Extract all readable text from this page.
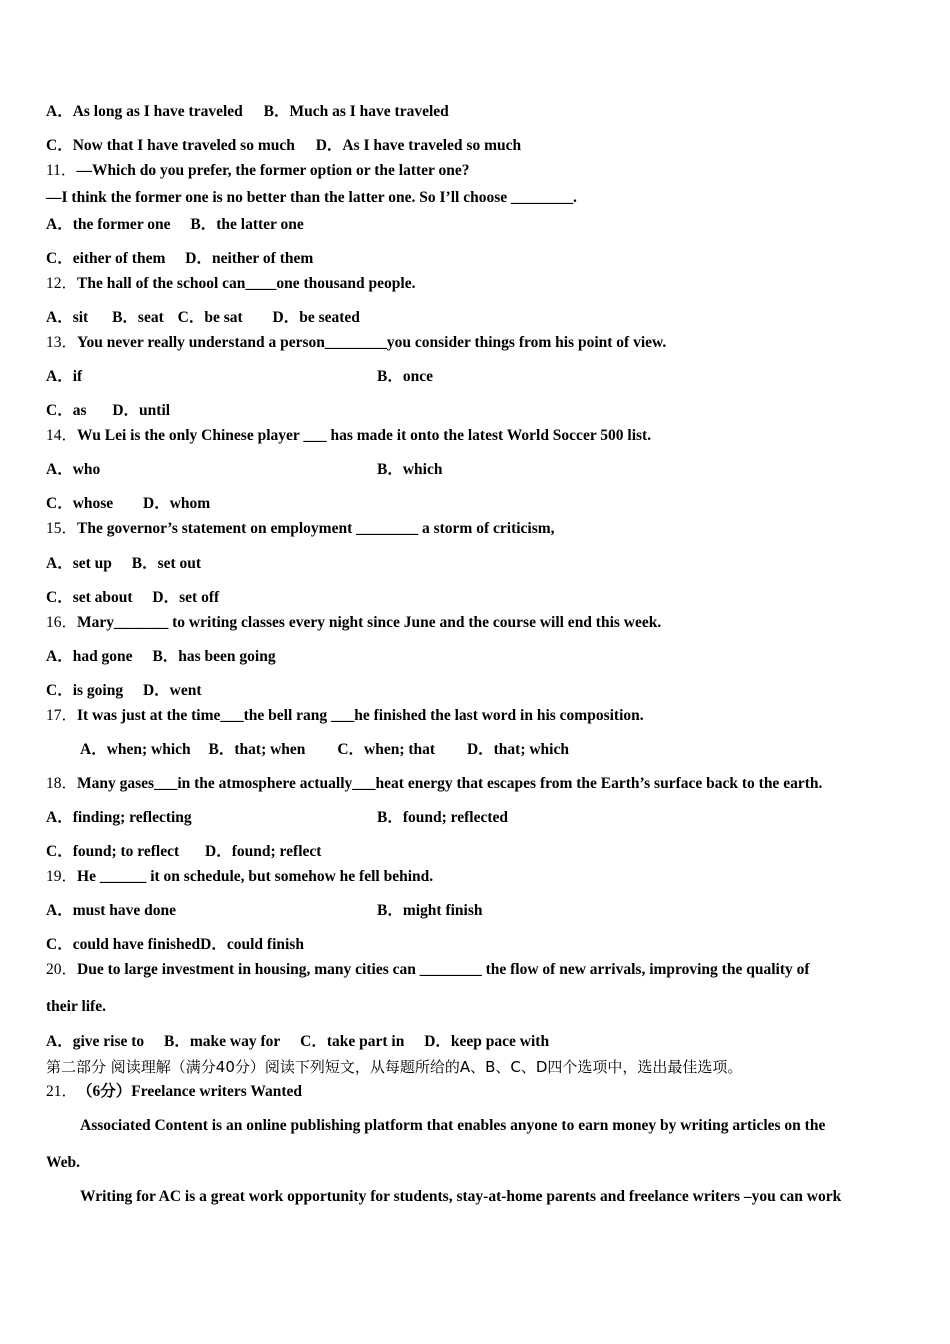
A．As long as I have traveled B．Much as I have traveled
C．Now that I have traveled so much D．As I have traveled so much
11．—Which do you prefer, the former option or the latter one?
—I think the former one is no better than the latter one. So I’ll choose ________.
A．the former one B．the latter one
C．either of them D．neither of them
12．The hall of the school can____one thousand people.
A．sit B．seat C．be sat D．be seated
13．You never really understand a person________you consider things from his point of view.
A．if	B．once
C．as D．until
14．Wu Lei is the only Chinese player ___ has made it onto the latest World Soccer 500 list.
A．who	B．which
C．whose D．whom
15．The governor’s statement on employment ________ a storm of criticism,
A．set up B．set out
C．set about D．set off
16．Mary_______ to writing classes every night since June and the course will end this week.
A．had gone B．has been going
C．is going D．went
17．It was just at the time___the bell rang ___he finished the last word in his composition.
A．when; which B．that; when C．when; that D．that; which
18．Many gases___in the atmosphere actually___heat energy that escapes from the Earth’s surface back to the earth.
A．finding; reflecting	B．found; reflected
C．found; to reflect D．found; reflect
19．He ______ it on schedule, but somehow he fell behind.
A．must have done	B．might finish
C．could have finishedD．could finish
20．Due to large investment in housing, many cities can ________ the flow of new arrivals, improving the quality of
their life.
A．give rise to B．make way for C．take part in D．keep pace with
第二部分 阅读理解（满分40分）阅读下列短文，从每题所给的A、B、C、D四个选项中，选出最佳选项。
21．（6分）Freelance writers Wanted
Associated Content is an online publishing platform that enables anyone to earn money by writing articles on the
Web.
Writing for AC is a great work opportunity for students, stay-at-home parents and freelance writers –you can work
